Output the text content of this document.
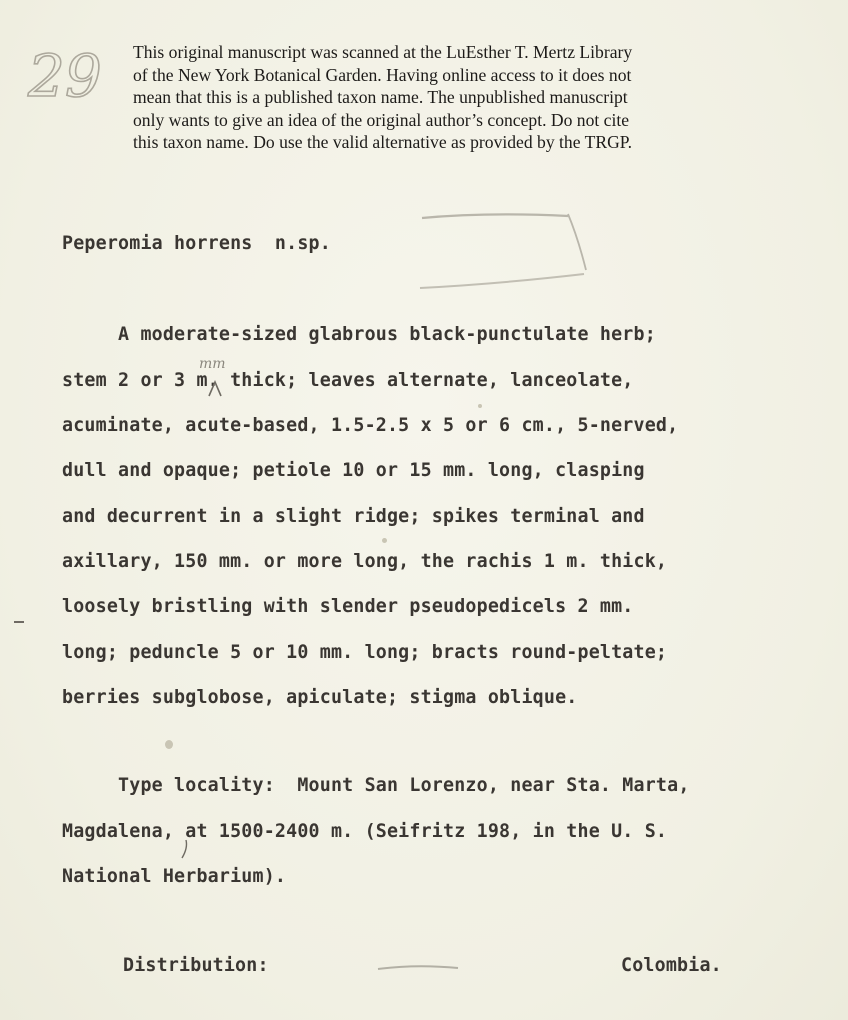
29 This original manuscript was scanned at the LuEsther T. Mertz Library
of the New York Botanical Garden. Having online access to it does not
mean that this is a published taxon name. The unpublished manuscript
only wants to give an idea of the original author’s concept. Do not cite
this taxon name. Do use the valid alternative as provided by the TRGP.
Peperomia horrens  n.sp.
A moderate-sized glabrous black-punctulate herb;
stem 2 or 3 m. thick; leaves alternate, lanceolate,
acuminate, acute-based, 1.5-2.5 x 5 or 6 cm., 5-nerved,
dull and opaque; petiole 10 or 15 mm. long, clasping
and decurrent in a slight ridge; spikes terminal and
axillary, 150 mm. or more long, the rachis 1 m. thick,
loosely bristling with slender pseudopedicels 2 mm.
long; peduncle 5 or 10 mm. long; bracts round-peltate;
berries subglobose, apiculate; stigma oblique.
mm
Type locality:  Mount San Lorenzo, near Sta. Marta,
Magdalena, at 1500-2400 m. (Seifritz 198, in the U. S.
National Herbarium).
Distribution:	Colombia.
